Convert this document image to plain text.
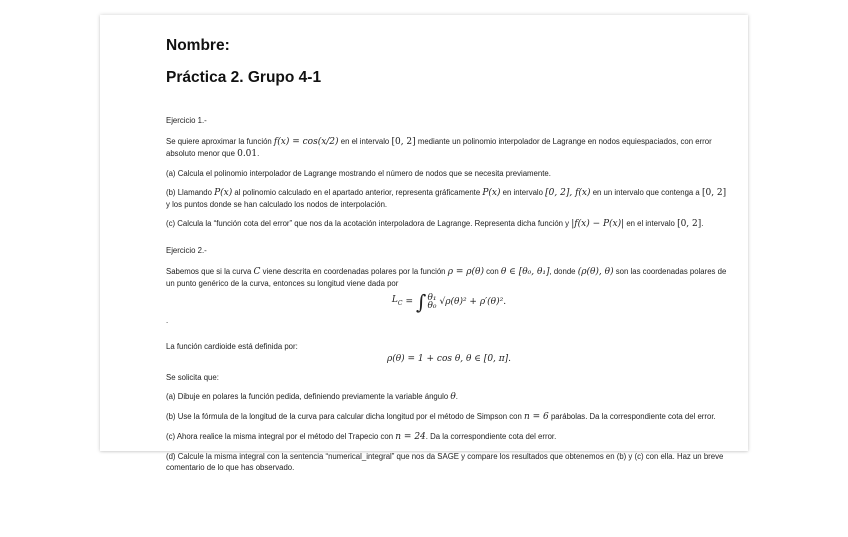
Nombre:
Práctica 2. Grupo 4-1

Ejercicio 1.-

Se quiere aproximar la función f(x) = cos(x/2) en el intervalo [0, 2] mediante un polinomio interpolador de Lagrange en nodos equiespaciados, con error absoluto menor que 0.01.

(a) Calcula el polinomio interpolador de Lagrange mostrando el número de nodos que se necesita previamente.

(b) Llamando P(x) al polinomio calculado en el apartado anterior, representa gráficamente P(x) en intervalo [0, 2], f(x) en un intervalo que contenga a [0, 2] y los puntos donde se han calculado los nodos de interpolación.

(c) Calcula la “función cota del error” que nos da la acotación interpoladora de Lagrange. Representa dicha función y |f(x) − P(x)| en el intervalo [0, 2].

Ejercicio 2.-

Sabemos que si la curva C viene descrita en coordenadas polares por la función ρ = ρ(θ) con θ ∈ [θ₀, θ₁], donde (ρ(θ), θ) son las coordenadas polares de un punto genérico de la curva, entonces su longitud viene dada por

$L_C$ = ∫ θ₁
θ₀ √ρ(θ)² + ρ′(θ)².

.

La función cardioide está definida por:

ρ(θ) = 1 + cos θ, θ ∈ [0, π].

Se solicita que:

(a) Dibuje en polares la función pedida, definiendo previamente la variable ángulo θ.

(b) Use la fórmula de la longitud de la curva para calcular dicha longitud por el método de Simpson con n = 6 parábolas. Da la correspondiente cota del error.

(c) Ahora realice la misma integral por el método del Trapecio con n = 24. Da la correspondiente cota del error.

(d) Calcule la misma integral con la sentencia “numerical_integral” que nos da SAGE y compare los resultados que obtenemos en (b) y (c) con ella. Haz un breve comentario de lo que has observado.
